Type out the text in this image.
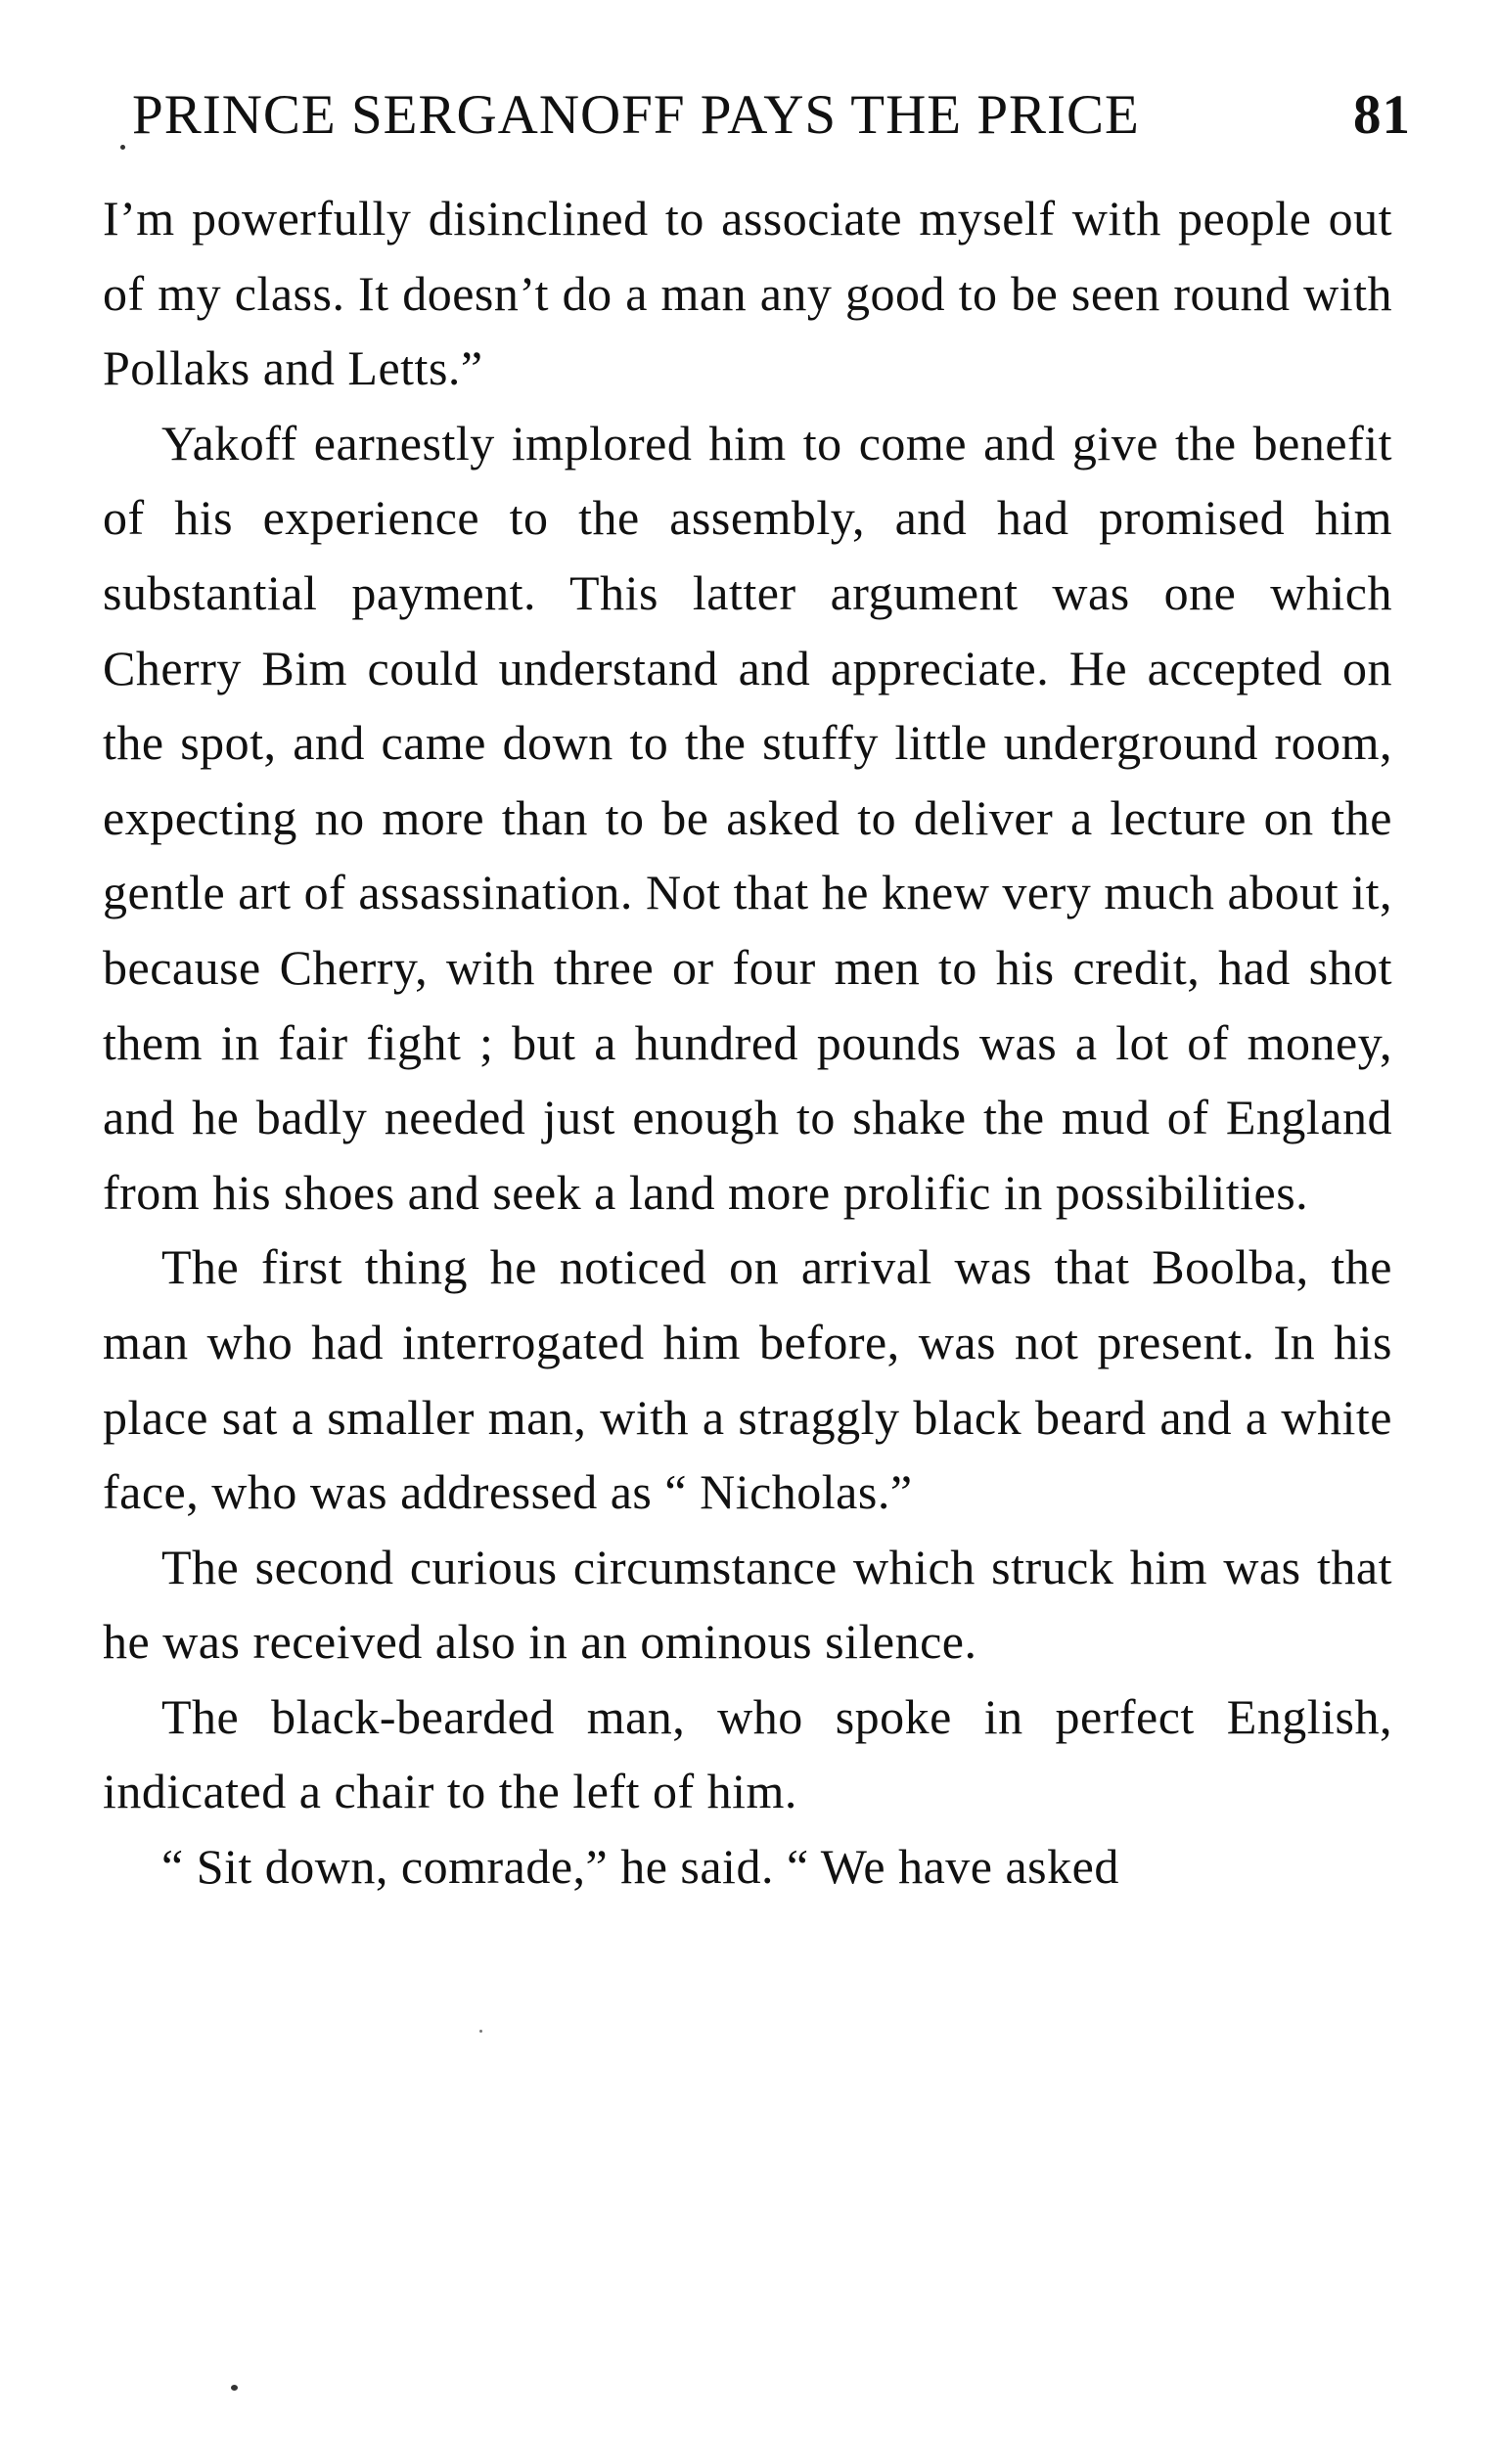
PRINCE SERGANOFF PAYS THE PRICE	81

I’m powerfully disinclined to associate myself with people out of my class. It doesn’t do a man any good to be seen round with Pollaks and Letts.”

Yakoff earnestly implored him to come and give the benefit of his experience to the assembly, and had promised him substantial payment. This latter argument was one which Cherry Bim could understand and appreciate. He accepted on the spot, and came down to the stuffy little underground room, expecting no more than to be asked to deliver a lecture on the gentle art of assassination. Not that he knew very much about it, because Cherry, with three or four men to his credit, had shot them in fair fight ; but a hundred pounds was a lot of money, and he badly needed just enough to shake the mud of England from his shoes and seek a land more prolific in possibilities.

The first thing he noticed on arrival was that Boolba, the man who had interrogated him before, was not present. In his place sat a smaller man, with a straggly black beard and a white face, who was addressed as “ Nicholas.”

The second curious circumstance which struck him was that he was received also in an ominous silence.

The black-bearded man, who spoke in perfect English, indicated a chair to the left of him.

“ Sit down, comrade,” he said. “ We have asked
